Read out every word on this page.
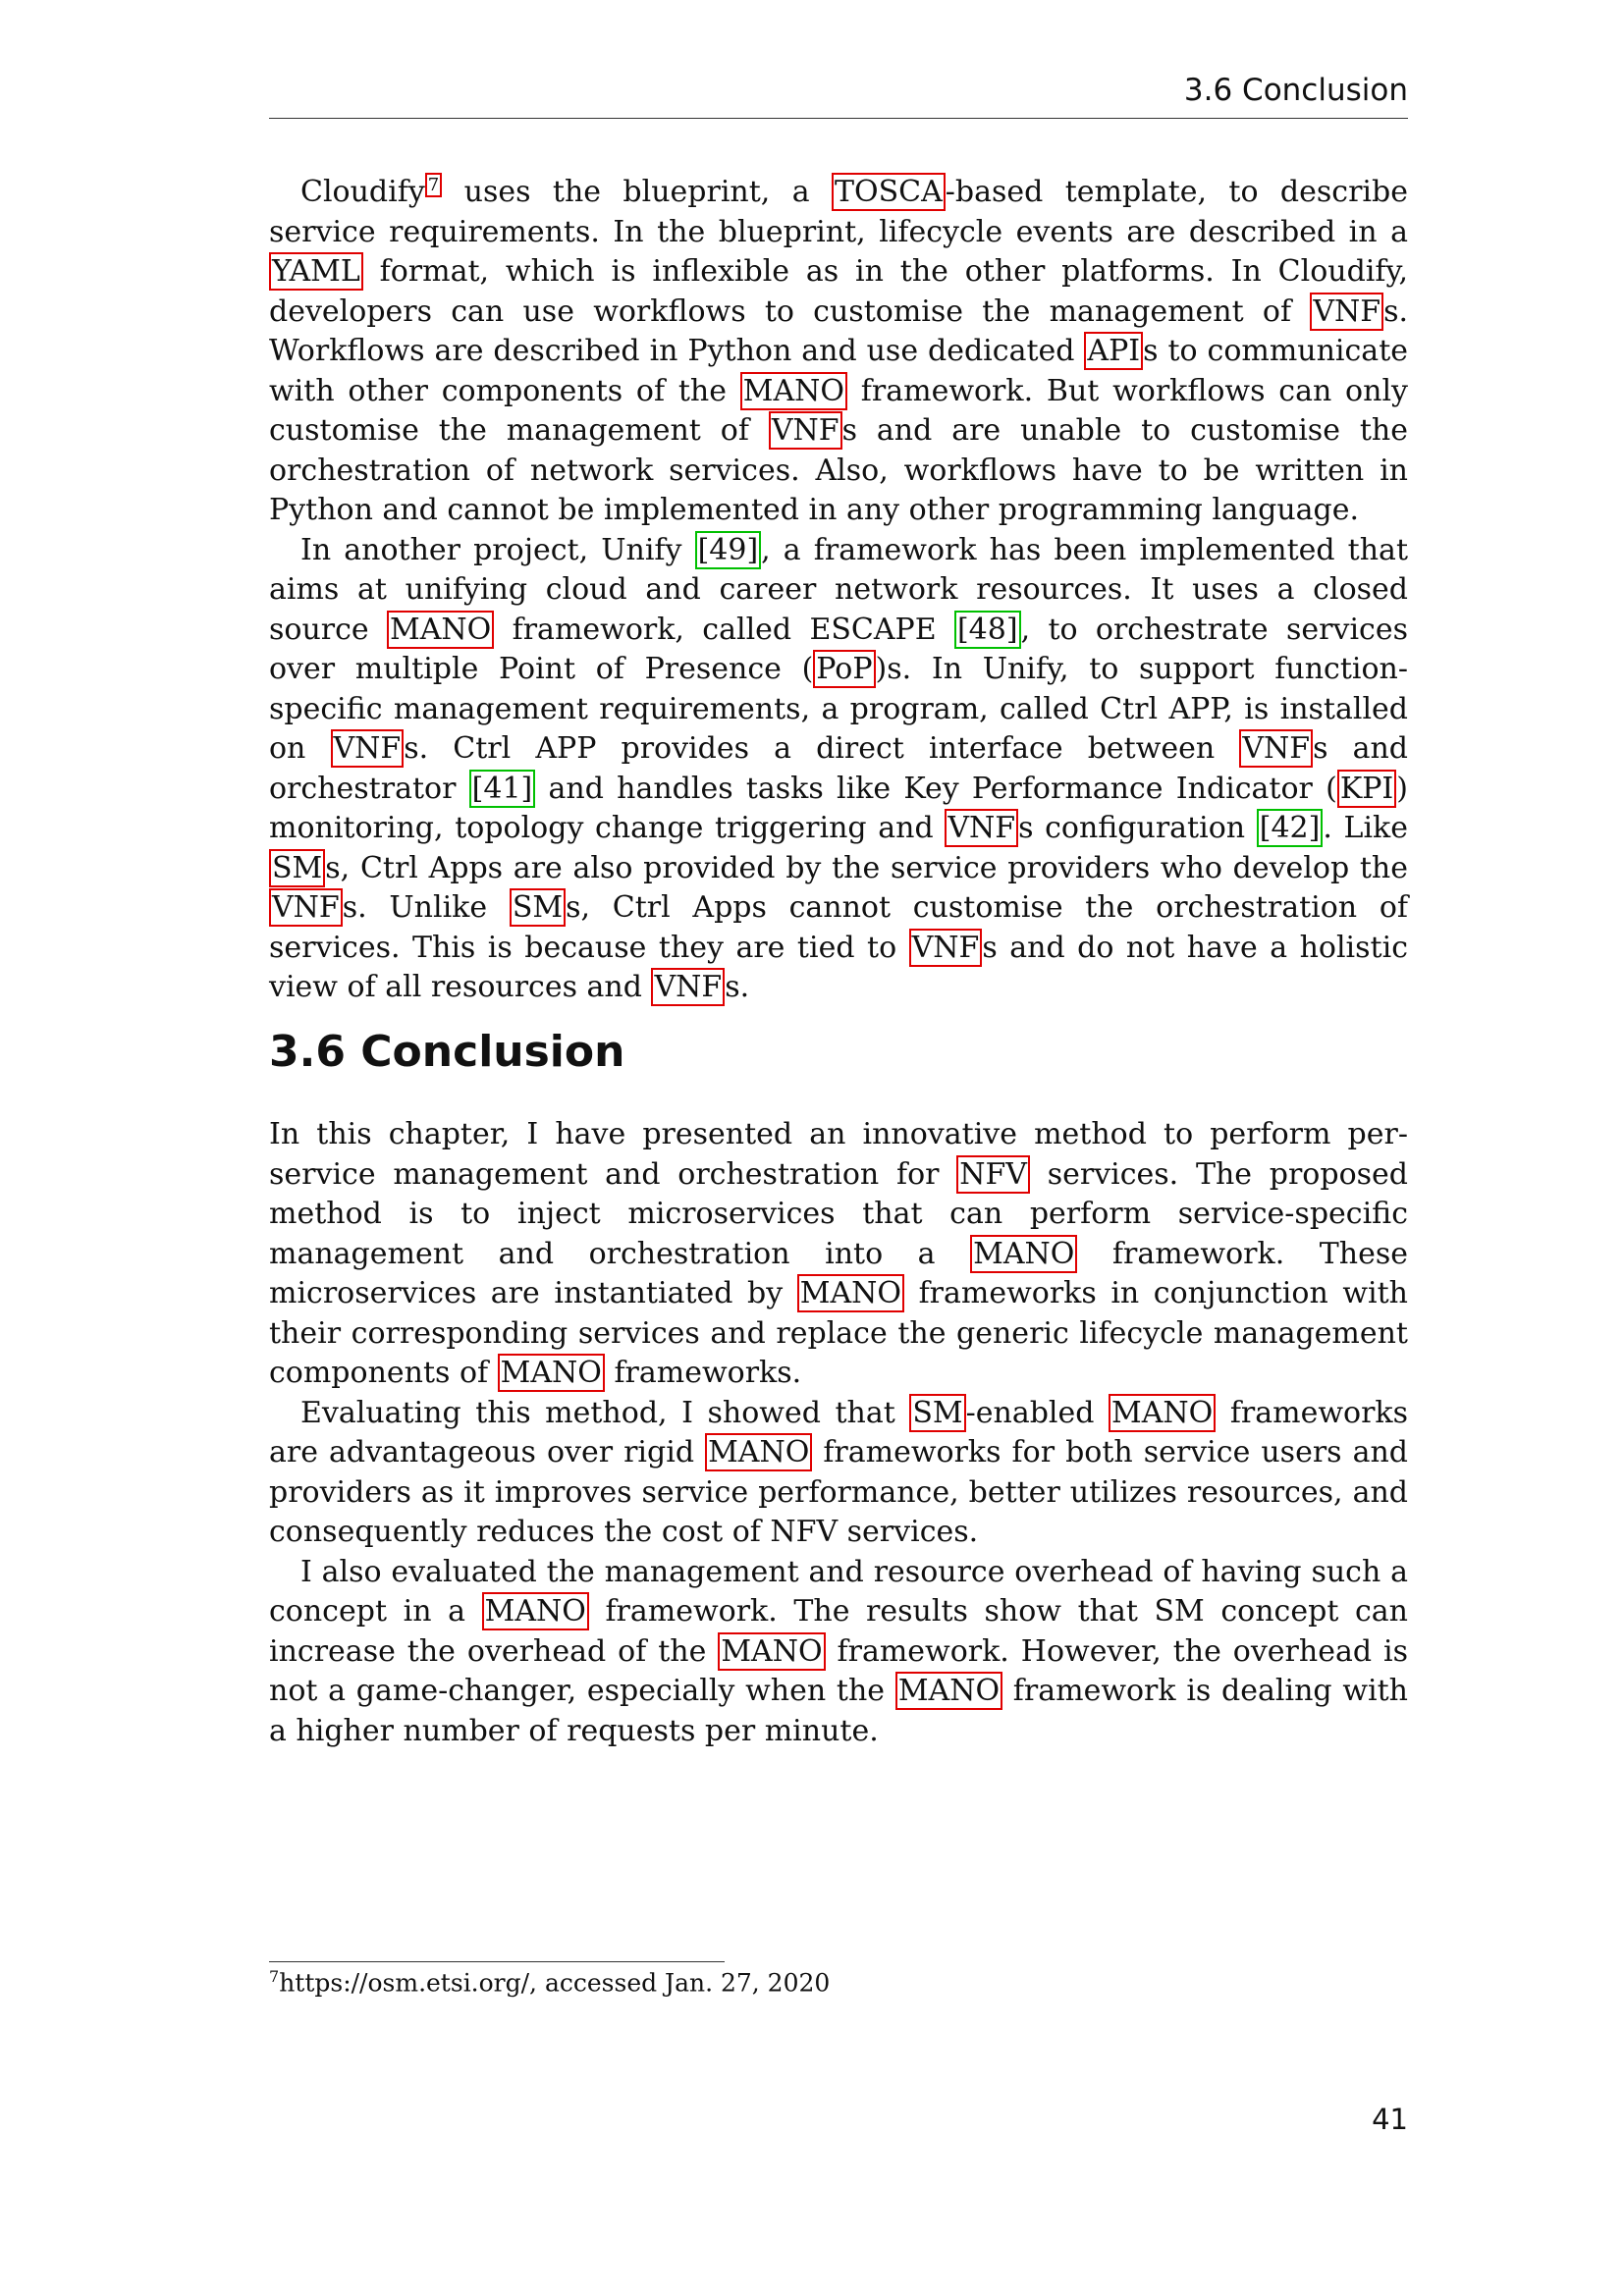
3.6 Conclusion

Cloudify $^7$ uses the blueprint, a TOSCA -based template, to describe service requirements. In the blueprint, lifecycle events are described in a YAML format, which is inflexible as in the other platforms. In Cloudify, developers can use workflows to customise the management of VNF s. Workflows are described in Python and use dedicated API s to communicate with other components of the MANO framework. But workflows can only customise the management of VNF s and are unable to customise the orchestration of network services. Also, workflows have to be written in Python and cannot be implemented in any other programming language.

In another project, Unify [49] , a framework has been implemented that aims at unifying cloud and career network resources. It uses a closed source MANO framework, called ESCAPE [48] , to orchestrate services over multiple Point of Presence ( PoP )s. In Unify, to support function-specific management requirements, a program, called Ctrl APP, is installed on VNF s. Ctrl APP provides a direct interface between VNF s and orchestrator [41] and handles tasks like Key Performance Indicator ( KPI ) monitoring, topology change triggering and VNF s configuration [42] . Like SM s, Ctrl Apps are also provided by the service providers who develop the VNF s. Unlike SM s, Ctrl Apps cannot customise the orchestration of services. This is because they are tied to VNF s and do not have a holistic view of all resources and VNF s.

3.6 Conclusion

In this chapter, I have presented an innovative method to perform per-service management and orchestration for NFV services. The proposed method is to inject microservices that can perform service-specific management and orchestration into a MANO framework. These microservices are instantiated by MANO frameworks in conjunction with their corresponding services and replace the generic lifecycle management components of MANO frameworks.

Evaluating this method, I showed that SM -enabled MANO frameworks are advantageous over rigid MANO frameworks for both service users and providers as it improves service performance, better utilizes resources, and consequently reduces the cost of NFV services.

I also evaluated the management and resource overhead of having such a concept in a MANO framework. The results show that SM concept can increase the overhead of the MANO framework. However, the overhead is not a game-changer, especially when the MANO framework is dealing with a higher number of requests per minute.

$^7$https://osm.etsi.org/, accessed Jan. 27, 2020
41
